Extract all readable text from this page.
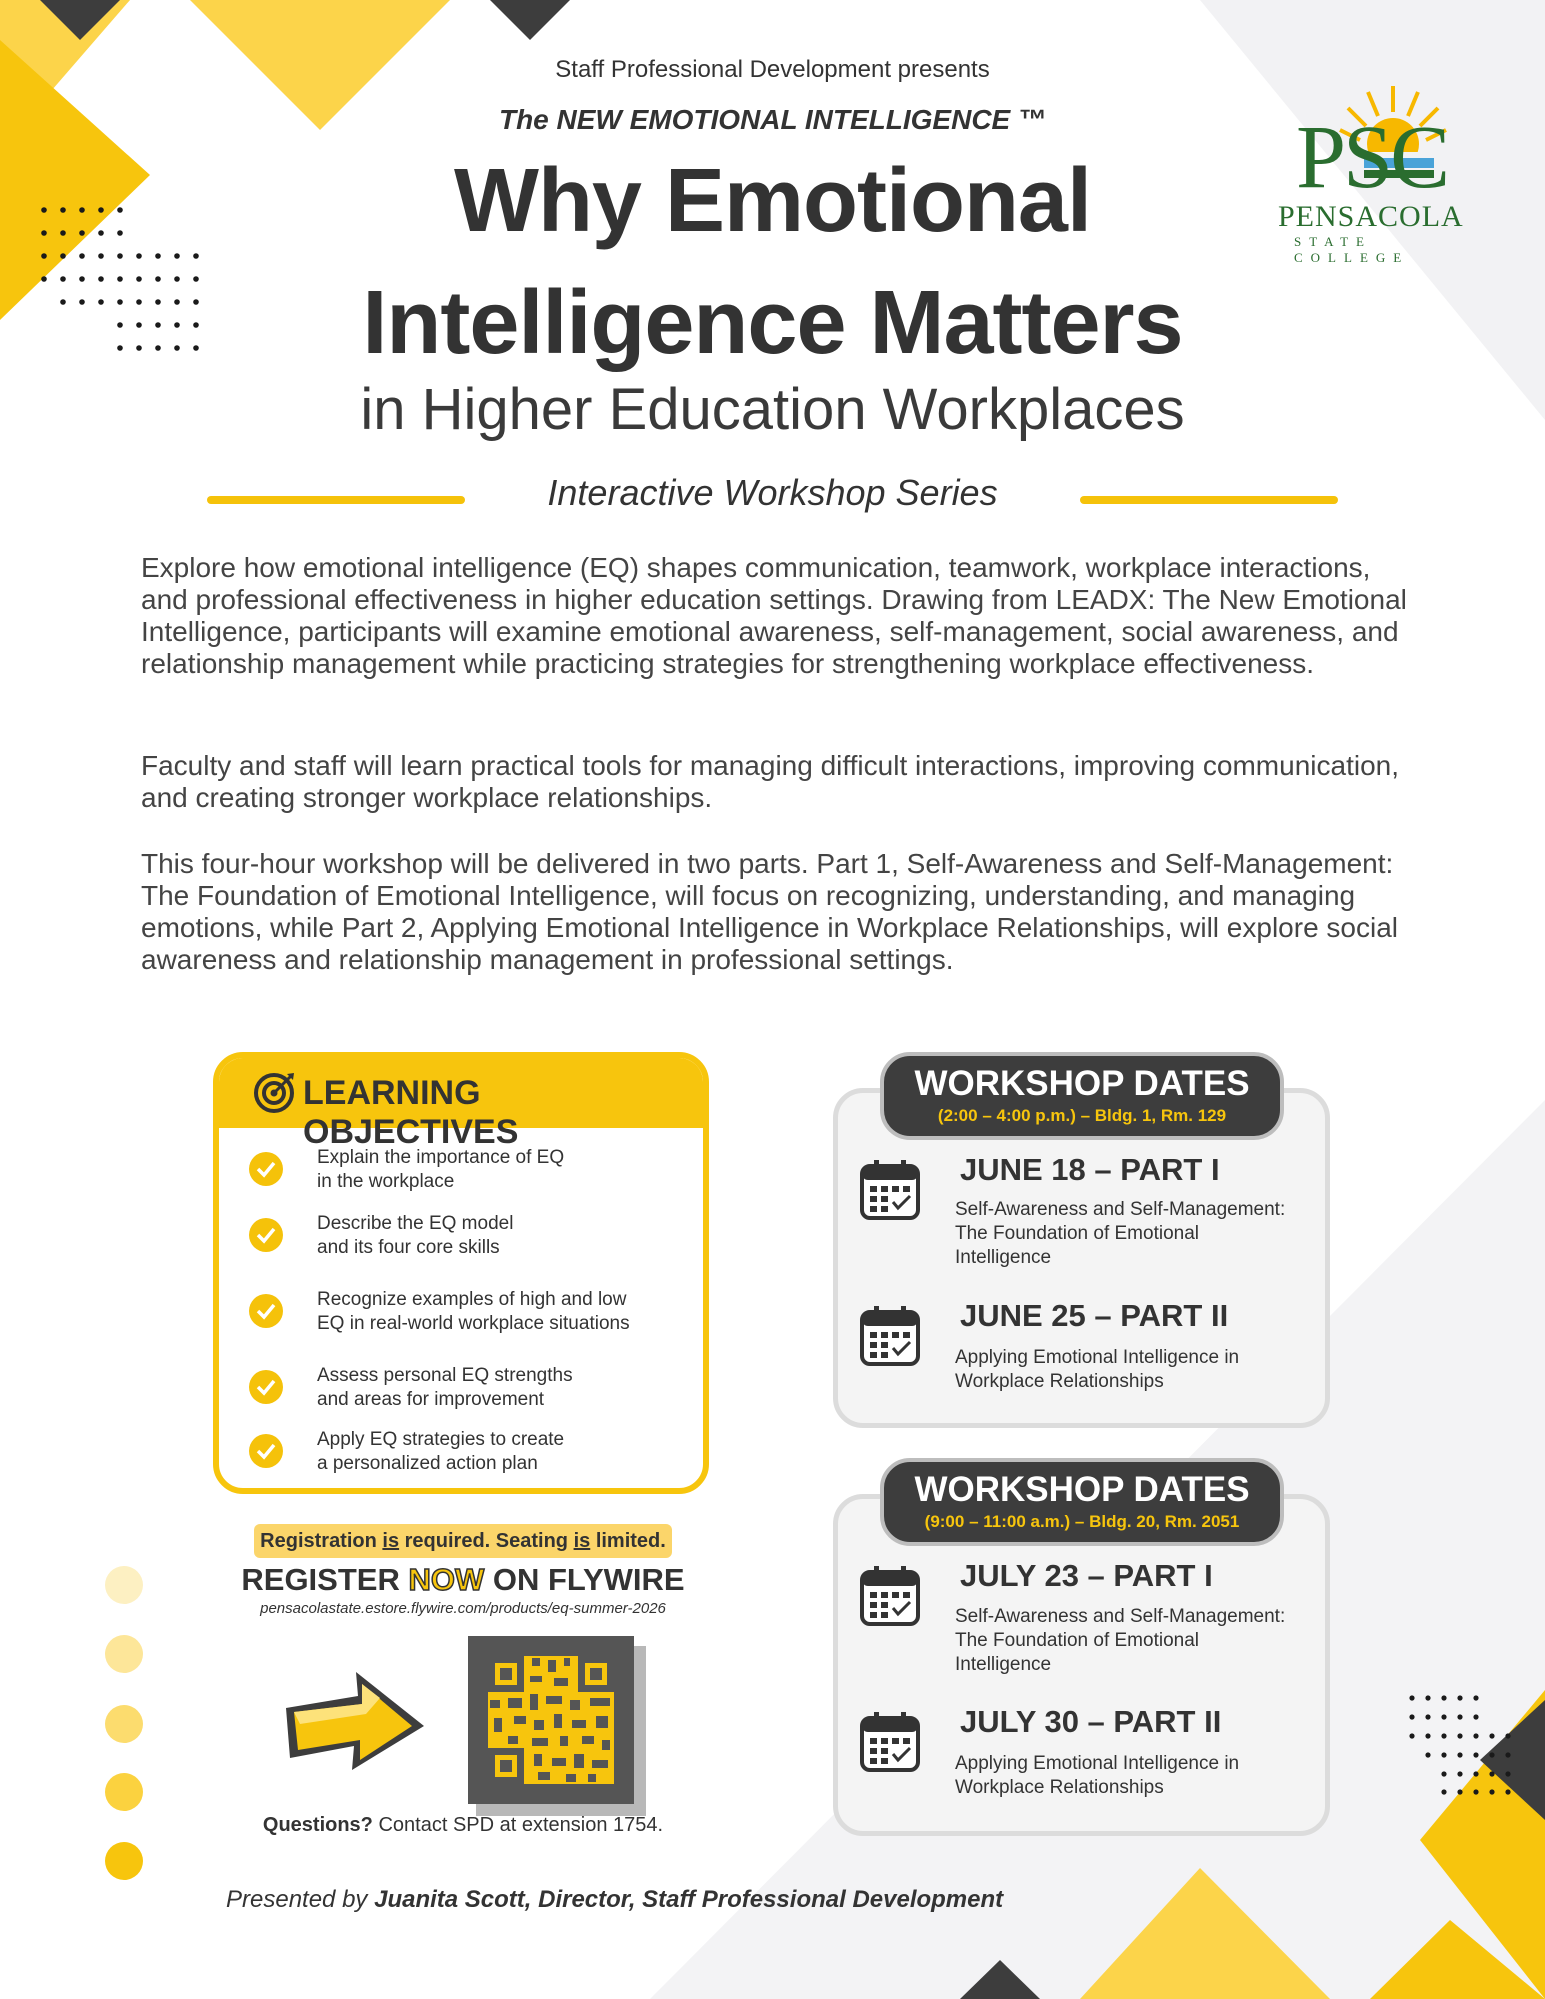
Staff Professional Development presents
The NEW EMOTIONAL INTELLIGENCE ™
Why Emotional
Intelligence Matters
in Higher Education Workplaces
Interactive Workshop Series
PSC
PENSACOLA
STATE COLLEGE
Explore how emotional intelligence (EQ) shapes communication, teamwork, workplace interactions, and professional effectiveness in higher education settings. Drawing from LEADX: The New Emotional Intelligence, participants will examine emotional awareness, self-management, social awareness, and relationship management while practicing strategies for strengthening workplace effectiveness.
Faculty and staff will learn practical tools for managing difficult interactions, improving communication, and creating stronger workplace relationships.
This four-hour workshop will be delivered in two parts. Part 1, Self-Awareness and Self-Management: The Foundation of Emotional Intelligence, will focus on recognizing, understanding, and managing emotions, while Part 2, Applying Emotional Intelligence in Workplace Relationships, will explore social awareness and relationship management in professional settings.
LEARNING OBJECTIVES
Explain the importance of EQ
in the workplace
Describe the EQ model
and its four core skills
Recognize examples of high and low
EQ in real-world workplace situations
Assess personal EQ strengths
and areas for improvement
Apply EQ strategies to create
a personalized action plan
Registration is required. Seating is limited.
REGISTER NOW ON FLYWIRE
pensacolastate.estore.flywire.com/products/eq-summer-2026
Questions? Contact SPD at extension 1754.
Presented by Juanita Scott, Director, Staff Professional Development
WORKSHOP DATES
(2:00 – 4:00 p.m.) – Bldg. 1, Rm. 129
JUNE 18 – PART I
Self-Awareness and Self-Management:
The Foundation of Emotional
Intelligence
JUNE 25 – PART II
Applying Emotional Intelligence in
Workplace Relationships
WORKSHOP DATES
(9:00 – 11:00 a.m.) – Bldg. 20, Rm. 2051
JULY 23 – PART I
Self-Awareness and Self-Management:
The Foundation of Emotional
Intelligence
JULY 30 – PART II
Applying Emotional Intelligence in
Workplace Relationships
